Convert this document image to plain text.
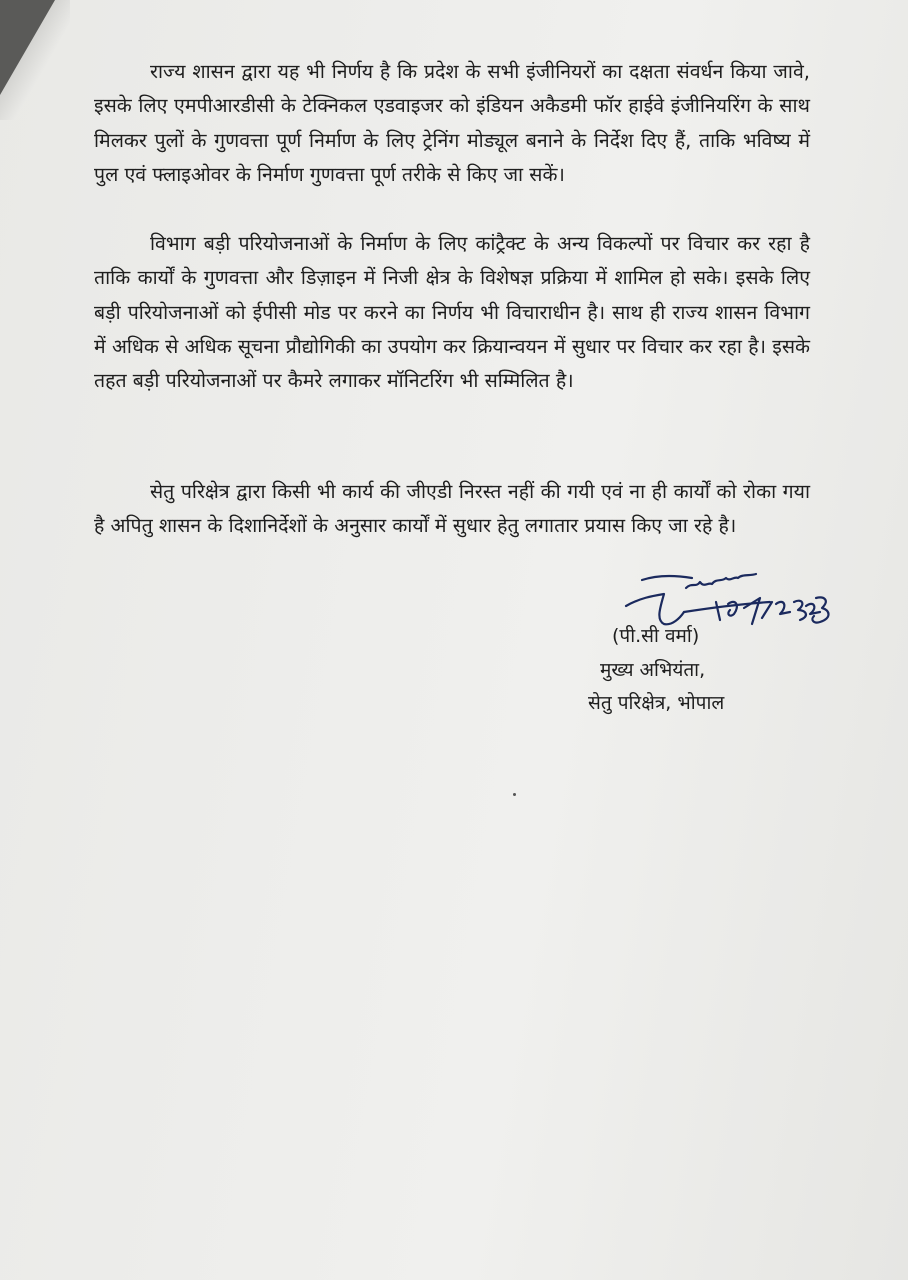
राज्य शासन द्वारा यह भी निर्णय है कि प्रदेश के सभी इंजीनियरों का दक्षता संवर्धन किया जावे, इसके लिए एमपीआरडीसी के टेक्निकल एडवाइजर को इंडियन अकैडमी फॉर हाईवे इंजीनियरिंग के साथ मिलकर पुलों के गुणवत्ता पूर्ण निर्माण के लिए ट्रेनिंग मोड्यूल बनाने के निर्देश दिए हैं, ताकि भविष्य में पुल एवं फ्लाइओवर के निर्माण गुणवत्ता पूर्ण तरीके से किए जा सकें।

विभाग बड़ी परियोजनाओं के निर्माण के लिए कांट्रैक्ट के अन्य विकल्पों पर विचार कर रहा है ताकि कार्यों के गुणवत्ता और डिज़ाइन में निजी क्षेत्र के विशेषज्ञ प्रक्रिया में शामिल हो सके। इसके लिए बड़ी परियोजनाओं को ईपीसी मोड पर करने का निर्णय भी विचाराधीन है। साथ ही राज्य शासन विभाग में अधिक से अधिक सूचना प्रौद्योगिकी का उपयोग कर क्रियान्वयन में सुधार पर विचार कर रहा है। इसके तहत बड़ी परियोजनाओं पर कैमरे लगाकर मॉनिटरिंग भी सम्मिलित है।

सेतु परिक्षेत्र द्वारा किसी भी कार्य की जीएडी निरस्त नहीं की गयी एवं ना ही कार्यों को रोका गया है अपितु शासन के दिशानिर्देशों के अनुसार कार्यों में सुधार हेतु लगातार प्रयास किए जा रहे है।

(पी.सी वर्मा)
मुख्य अभियंता,
सेतु परिक्षेत्र, भोपाल
